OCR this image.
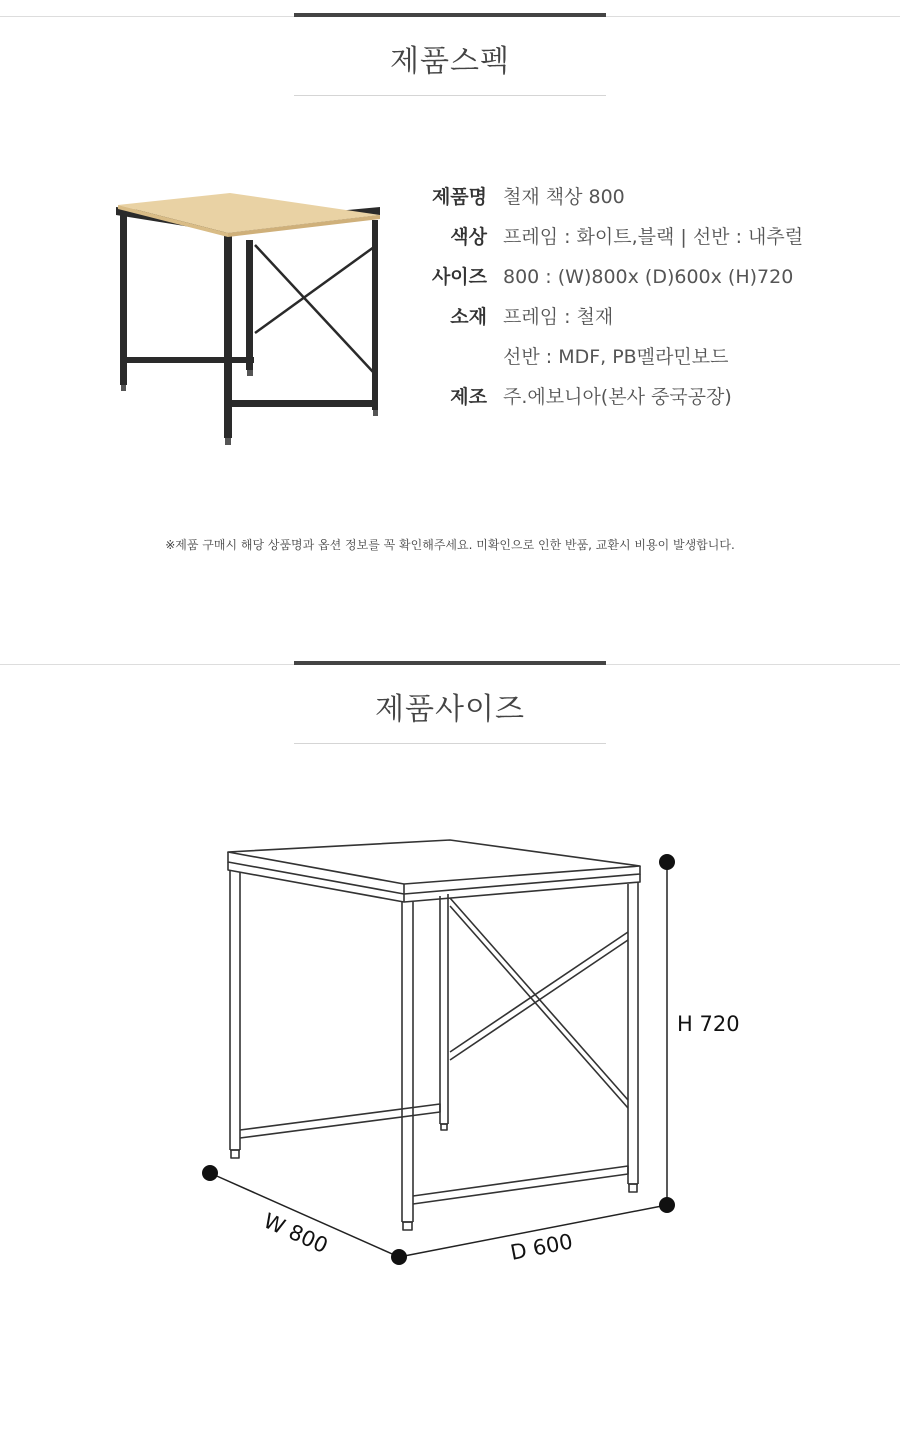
제품스펙
제품명 철재 책상 800
색상 프레임 : 화이트,블랙 | 선반 : 내추럴
사이즈 800 : (W)800x (D)600x (H)720
소재 프레임 : 철재
선반 : MDF, PB멜라민보드
제조 주.에보니아(본사 중국공장)
※제품 구매시 해당 상품명과 옵션 정보를 꼭 확인해주세요. 미확인으로 인한 반품, 교환시 비용이 발생합니다.
제품사이즈
W 800	D 600
H 720
